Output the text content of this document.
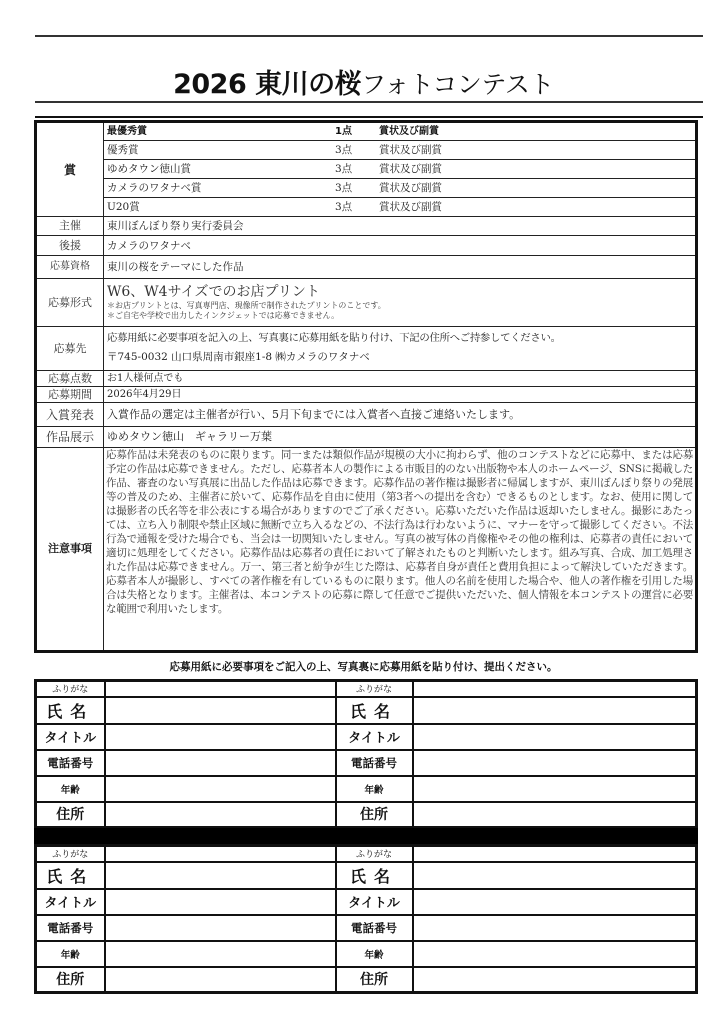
2026 東川の桜フォトコンテスト
賞	最優秀賞 1点 賞状及び副賞

	優秀賞 3点 賞状及び副賞

	ゆめタウン徳山賞 3点 賞状及び副賞

	カメラのワタナベ賞 3点 賞状及び副賞

	U20賞 3点 賞状及び副賞

主催	東川ぼんぼり祭り実行委員会
後援	カメラのワタナベ
応募資格	東川の桜をテーマにした作品
応募形式	W6、W4サイズでのお店プリント
＊お店プリントとは、写真専門店、現像所で制作されたプリントのことです。
＊ご自宅や学校で出力したインクジェットでは応募できません。

応募先	応募用紙に必要事項を記入の上、写真裏に応募用紙を貼り付け、下記の住所へご持参してください。
〒745-0032 山口県周南市銀座1-8 ㈱カメラのワタナベ

応募点数	お1人様何点でも
応募期間	2026年4月29日
入賞発表	入賞作品の選定は主催者が行い、5月下旬までには入賞者へ直接ご連絡いたします。
作品展示	ゆめタウン徳山　ギャラリー万葉
注意事項	応募作品は未発表のものに限ります。同一または類似作品が規模の大小に拘わらず、他のコンテストなどに応募中、または応募予定の作品は応募できません。ただし、応募者本人の製作による市販目的のない出版物や本人のホームページ、SNSに掲載した作品、審査のない写真展に出品した作品は応募できます。応募作品の著作権は撮影者に帰属しますが、東川ぼんぼり祭りの発展等の普及のため、主催者に於いて、応募作品を自由に使用（第3者への提出を含む）できるものとします。なお、使用に関しては撮影者の氏名等を非公表にする場合がありますのでご了承ください。応募いただいた作品は返却いたしません。撮影にあたっては、立ち入り制限や禁止区域に無断で立ち入るなどの、不法行為は行わないように、マナーを守って撮影してください。不法行為で通報を受けた場合でも、当会は一切関知いたしません。写真の被写体の肖像権やその他の権利は、応募者の責任において適切に処理をしてください。応募作品は応募者の責任において了解されたものと判断いたします。組み写真、合成、加工処理された作品は応募できません。万一、第三者と紛争が生じた際は、応募者自身が責任と費用負担によって解決していただきます。応募者本人が撮影し、すべての著作権を有しているものに限ります。他人の名前を使用した場合や、他人の著作権を引用した場合は失格となります。主催者は、本コンテストの応募に際して任意でご提供いただいた、個人情報を本コンテストの運営に必要な範囲で利用いたします。
応募用紙に必要事項をご記入の上、写真裏に応募用紙を貼り付け、提出ください。
ふりがな		ふりがな	
氏名		氏名	
タイトル		タイトル	
電話番号		電話番号	
年齢		年齢	
住所		住所	
ふりがな		ふりがな	
氏名		氏名	
タイトル		タイトル	
電話番号		電話番号	
年齢		年齢	
住所		住所	
